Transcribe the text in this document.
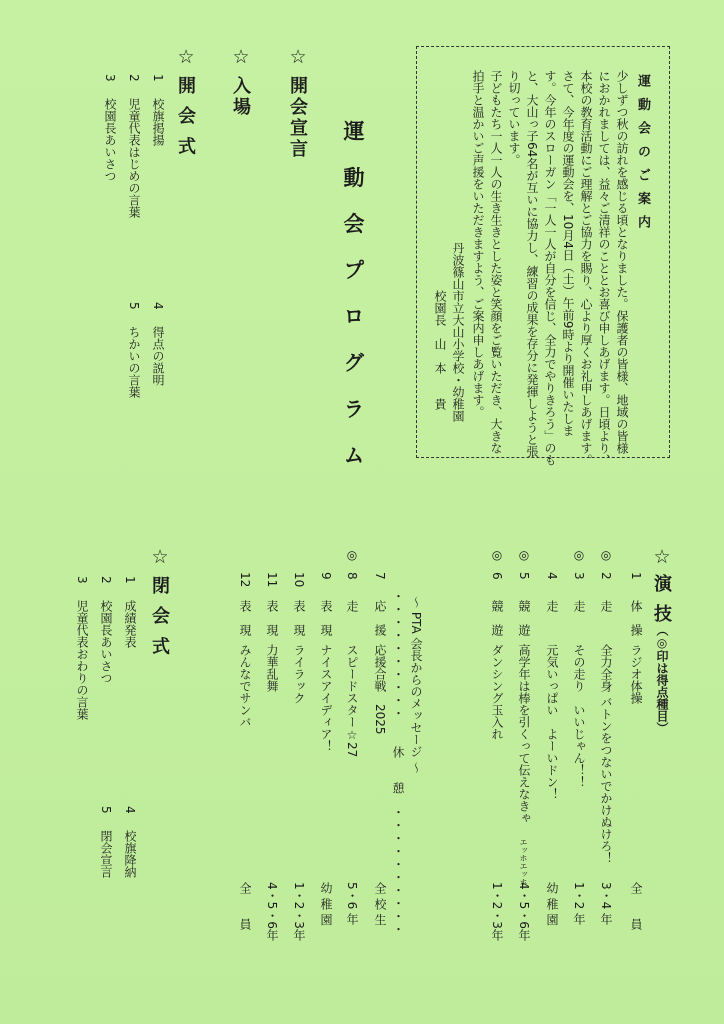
運 動 会 の ご 案 内
少しずつ秋の訪れを感じる頃となりました。保護者の皆様、地域の皆様
におかれましては、益々ご清祥のこととお喜び申しあげます。日頃より、
本校の教育活動にご理解とご協力を賜り、心より厚くお礼申しあげます。
さて、今年度の運動会を、10月4日（土）午前9時より開催いたしま
す。今年のスローガン「一人一人が自分を信じ、全力でやりきろう」のも
と、大山っ子64名が互いに協力し、練習の成果を存分に発揮しようと張
り切っています。
子どもたち一人一人の生き生きとした姿と笑顔をご覧いただき、大きな
拍手と温かいご声援をいただきますよう、ご案内申しあげます。
丹波篠山市立大山小学校・幼稚園
校園長　山　本　　貴
運 動 会 プ ロ グ ラ ム
☆
開会宣言
☆
入場
☆
開 会 式
1
校旗掲揚
2
児童代表はじめの言葉
3
校園長あいさつ
4
得点の説明
5
ちかいの言葉
☆
演 技
（◎印は得点種目）
1
体　操
ラジオ体操
全　　員
◎
2
走
全力全身 バトンをつないでかけぬけろ！
3・4 年
◎
3
走
その走り　いいじゃん！！
1・2 年
4
走
元気いっぱい　よーいドン！
幼 稚 園
◎
5
競　遊
高学年は棒を引くって伝えなきゃ
エッホエッホ
4・5・6年
◎
6
競　遊
ダンシング玉入れ
1・2・3年
7
応　援
応援合戦　2025
全 校 生
◎
8
走
スピードスター☆27
5・6 年
9
表　現
ナイスアイディア！
幼 稚 園
10
表　現
ライラック
1・2・3年
11
表　現
力華乱舞
4・5・6年
12
表　現
みんなでサンバ
全　　員
～ PTA 会長からのメッセージ ～
・・・・・・・・・・
休　　憩
・・・・・・・・・・
☆
閉 会 式
1
成績発表
2
校園長あいさつ
3
児童代表おわりの言葉
4
校旗降納
5
閉会宣言
